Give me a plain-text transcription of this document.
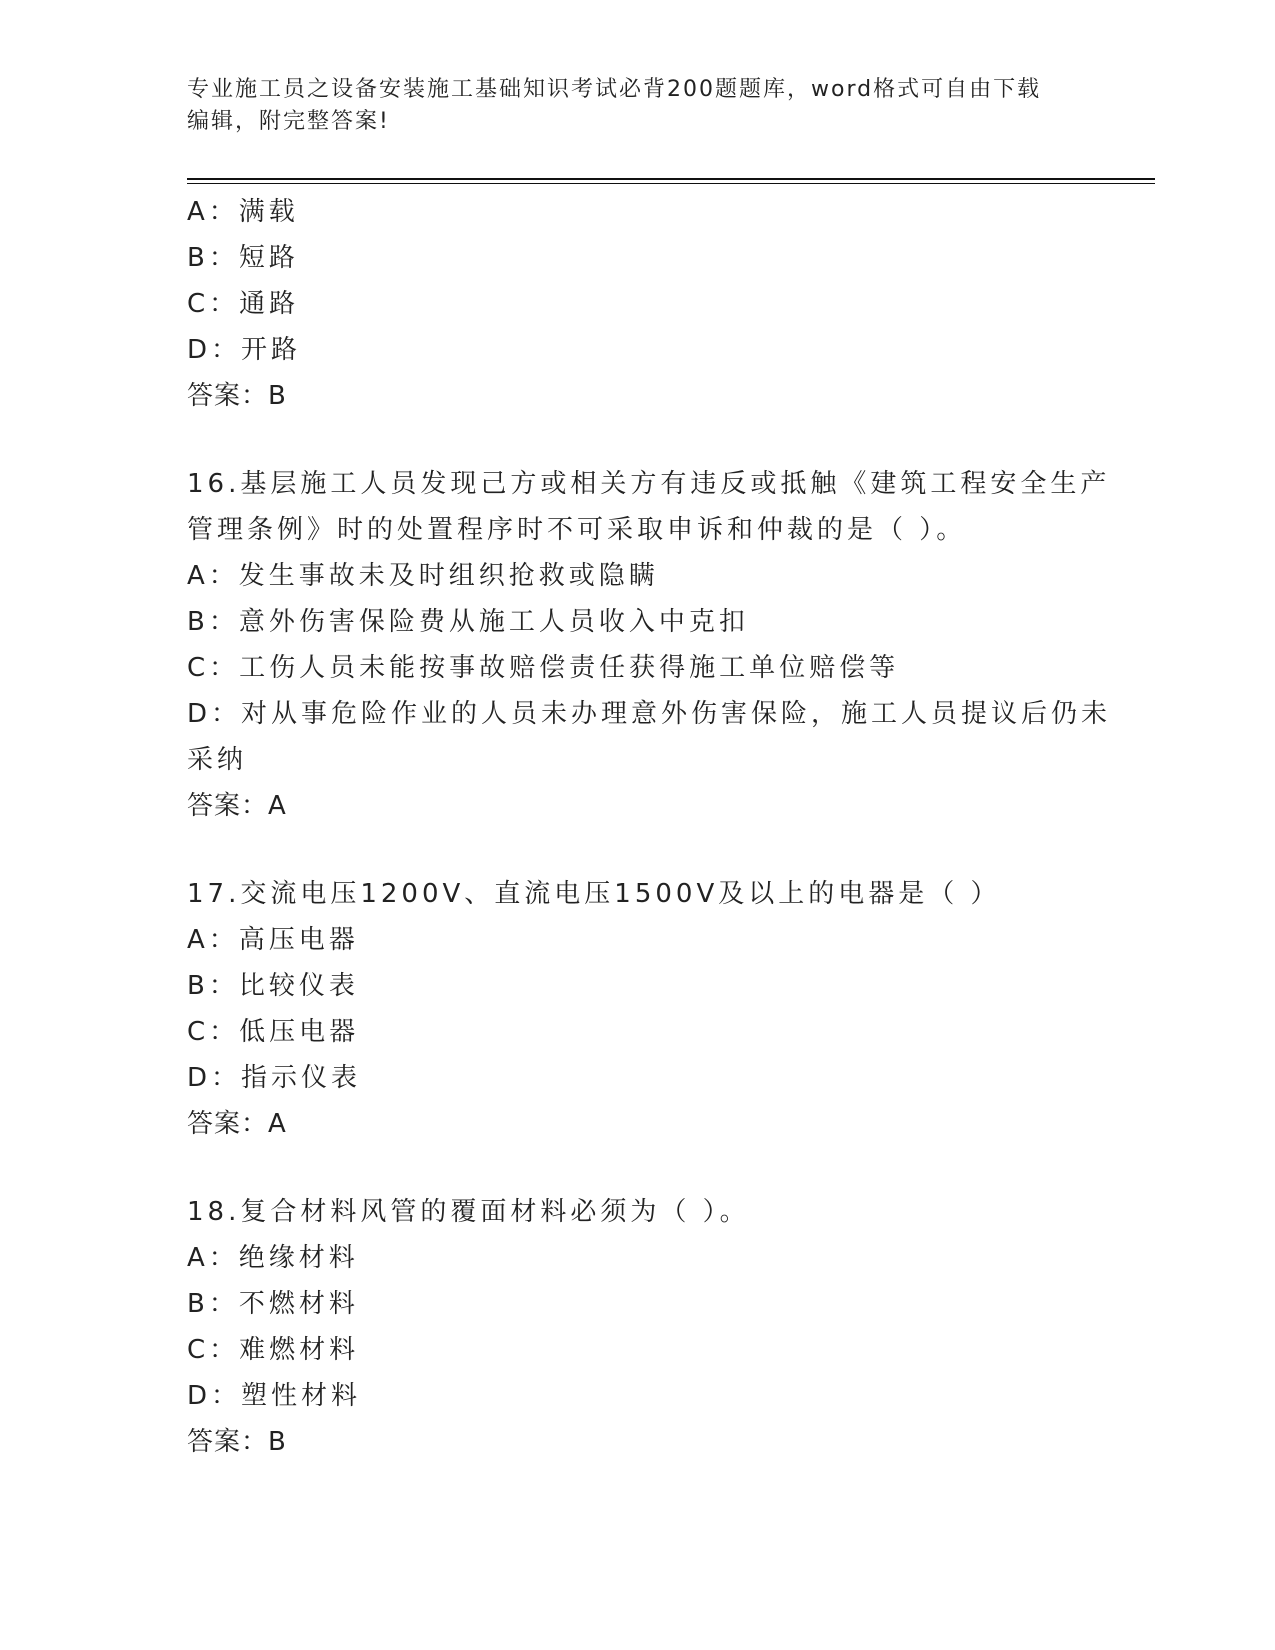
专业施工员之设备安装施工基础知识考试必背200题题库，word格式可自由下载
编辑，附完整答案!
A：满载
B：短路
C：通路
D：开路
答案：B
16.基层施工人员发现己方或相关方有违反或抵触《建筑工程安全生产
管理条例》时的处置程序时不可采取申诉和仲裁的是（ ）。
A：发生事故未及时组织抢救或隐瞒
B：意外伤害保险费从施工人员收入中克扣
C：工伤人员未能按事故赔偿责任获得施工单位赔偿等
D：对从事危险作业的人员未办理意外伤害保险，施工人员提议后仍未
采纳
答案：A
17.交流电压1200V、直流电压1500V及以上的电器是（ ）
A：高压电器
B：比较仪表
C：低压电器
D：指示仪表
答案：A
18.复合材料风管的覆面材料必须为（ ）。
A：绝缘材料
B：不燃材料
C：难燃材料
D：塑性材料
答案：B
